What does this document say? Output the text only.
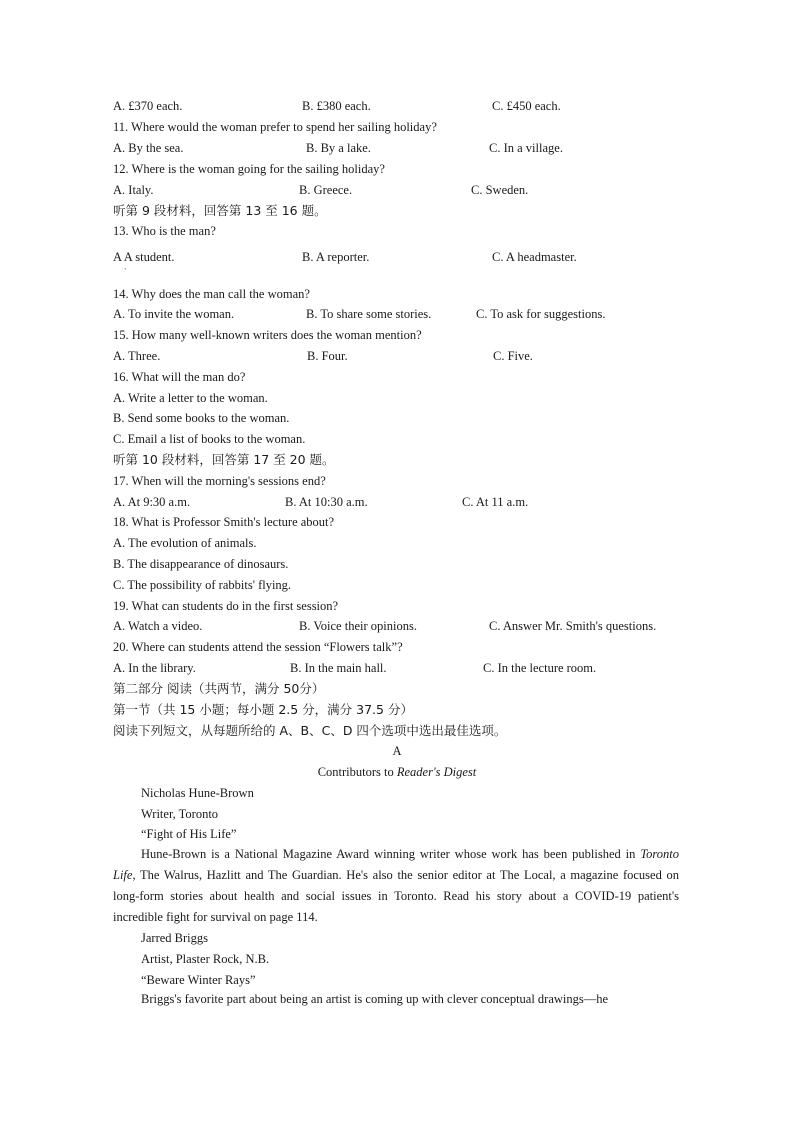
A. £370 each.	B. £380 each.	C. £450 each.
11. Where would the woman prefer to spend her sailing holiday?
A. By the sea.	B. By a lake.	C. In a village.
12. Where is the woman going for the sailing holiday?
A. Italy.	B. Greece.	C. Sweden.
听第 9 段材料，回答第 13 至 16 题。
13. Who is the man?
A A student.	B. A reporter.	C. A headmaster.
ˋ
14. Why does the man call the woman?
A. To invite the woman.	B. To share some stories.	C. To ask for suggestions.
15. How many well-known writers does the woman mention?
A. Three.	B. Four.	C. Five.
16. What will the man do?
A. Write a letter to the woman.
B. Send some books to the woman.
C. Email a list of books to the woman.
听第 10 段材料，回答第 17 至 20 题。
17. When will the morning's sessions end?
A. At 9:30 a.m.	B. At 10:30 a.m.	C. At 11 a.m.
18. What is Professor Smith's lecture about?
A. The evolution of animals.
B. The disappearance of dinosaurs.
C. The possibility of rabbits' flying.
19. What can students do in the first session?
A. Watch a video.	B. Voice their opinions.	C. Answer Mr. Smith's questions.
20. Where can students attend the session “Flowers talk”?
A. In the library.	B. In the main hall.	C. In the lecture room.
第二部分 阅读（共两节，满分 50分）
第一节（共 15 小题；每小题 2.5 分，满分 37.5 分）
阅读下列短文，从每题所给的 A、B、C、D 四个选项中选出最佳选项。
A
Contributors to Reader's Digest
Nicholas Hune-Brown
Writer, Toronto
“Fight of His Life”
Hune-Brown is a National Magazine Award winning writer whose work has been published in Toronto Life, The Walrus, Hazlitt and The Guardian. He's also the senior editor at The Local, a magazine focused on long-form stories about health and social issues in Toronto. Read his story about a COVID-19 patient's incredible fight for survival on page 114.
Jarred Briggs
Artist, Plaster Rock, N.B.
“Beware Winter Rays”
Briggs's favorite part about being an artist is coming up with clever conceptual drawings—he
